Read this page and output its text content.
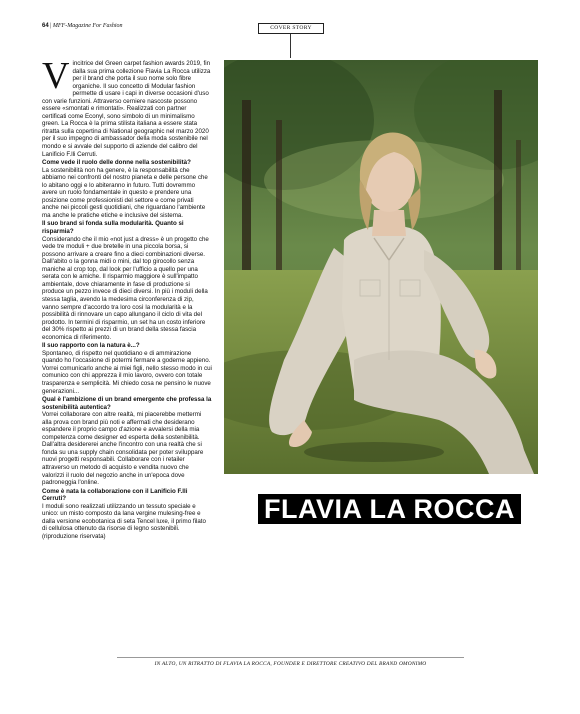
64 | MFF-Magazine For Fashion	COVER STORY

Vincitrice del Green carpet fashion awards 2019, fin dalla sua prima collezione Flavia La Rocca utilizza per il brand che porta il suo nome solo fibre organiche. Il suo concetto di Modular fashion permette di usare i capi in diverse occasioni d'uso con varie funzioni. Attraverso cerniere nascoste possono essere «smontati e rimontati». Realizzati con partner certificati come Econyl, sono simbolo di un minimalismo green. La Rocca è la prima stilista italiana a essere stata ritratta sulla copertina di National geographic nel marzo 2020 per il suo impegno di ambassador della moda sostenibile nel mondo e si avvale del supporto di aziende del calibro del Lanificio F.lli Cerruti.

Come vede il ruolo delle donne nella sostenibilità?

La sostenibilità non ha genere, è la responsabilità che abbiamo nei confronti del nostro pianeta e delle persone che lo abitano oggi e lo abiteranno in futuro. Tutti dovremmo avere un ruolo fondamentale in questo e prendere una posizione come professionisti del settore e come privati anche nei piccoli gesti quotidiani, che riguardano l'ambiente ma anche le pratiche etiche e inclusive del sistema.

Il suo brand si fonda sulla modularità. Quanto si risparmia?

Considerando che il mio «not just a dress» è un progetto che vede tre moduli + due bretelle in una piccola borsa, si possono arrivare a creare fino a dieci combinazioni diverse. Dall'abito o la gonna midi o mini, dal top girocollo senza maniche al crop top, dal look per l'ufficio a quello per una serata con le amiche. Il risparmio maggiore è sull'impatto ambientale, dove chiaramente in fase di produzione si produce un pezzo invece di dieci diversi. In più i moduli della stessa taglia, avendo la medesima circonferenza di zip, vanno sempre d'accordo tra loro così la modularità e la possibilità di rinnovare un capo allungano il ciclo di vita del prodotto. In termini di risparmio, un set ha un costo inferiore del 30% rispetto ai prezzi di un brand della stessa fascia economica di riferimento.

Il suo rapporto con la natura è...?

Spontaneo, di rispetto nel quotidiano e di ammirazione quando ho l'occasione di potermi fermare a goderne appieno. Vorrei comunicarlo anche ai miei figli, nello stesso modo in cui comunico con chi apprezza il mio lavoro, ovvero con totale trasparenza e semplicità. Mi chiedo cosa ne pensino le nuove generazioni...

Qual è l'ambizione di un brand emergente che professa la sostenibilità autentica?

Vorrei collaborare con altre realtà, mi piacerebbe mettermi alla prova con brand più noti e affermati che desiderano espandere il proprio campo d'azione e avvalersi della mia competenza come designer ed esperta della sostenibilità. Dall'altra desidererei anche l'incontro con una realtà che si fonda su una supply chain consolidata per poter sviluppare nuovi progetti responsabili. Collaborare con i retailer attraverso un metodo di acquisto e vendita nuovo che valorizzi il ruolo del negozio anche in un'epoca dove padroneggia l'online.

Come è nata la collaborazione con il Lanificio F.lli Cerruti?

I moduli sono realizzati utilizzando un tessuto speciale e unico: un misto composto da lana vergine mulesing-free e dalla versione ecobotanica di seta Tencel luxe, il primo filato di cellulosa ottenuto da risorse di legno sostenibili. (riproduzione riservata)

FLAVIA LA ROCCA
IN ALTO, UN RITRATTO DI FLAVIA LA ROCCA, FOUNDER E DIRETTORE CREATIVO DEL BRAND OMONIMO
